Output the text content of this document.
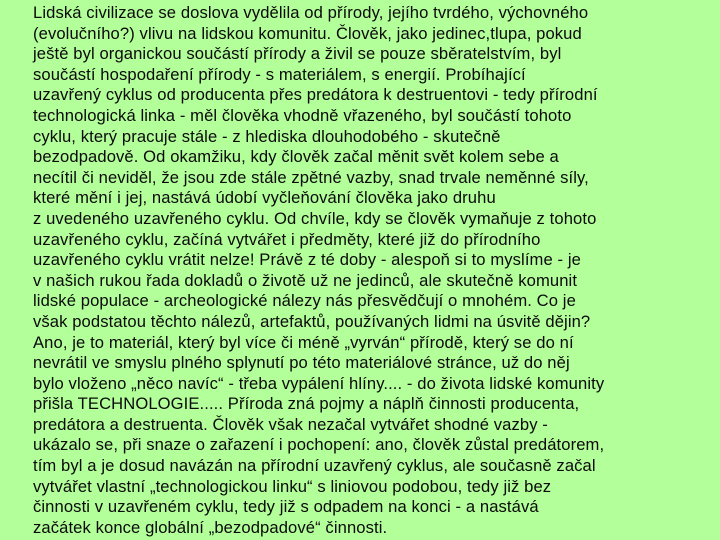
Lidská civilizace se doslova vydělila od přírody, jejího tvrdého, výchovného
(evolučního?) vlivu na lidskou komunitu. Člověk, jako jedinec,tlupa, pokud
ještě byl organickou součástí přírody a živil se pouze sběratelstvím, byl
součástí hospodaření přírody - s materiálem, s energií. Probíhající
uzavřený cyklus od producenta přes predátora k destruentovi - tedy přírodní
technologická linka - měl člověka vhodně vřazeného, byl součástí tohoto
cyklu, který pracuje stále - z hlediska dlouhodobého - skutečně
bezodpadově. Od okamžiku, kdy člověk začal měnit svět kolem sebe a
necítil či neviděl, že jsou zde stále zpětné vazby, snad trvale neměnné síly,
které mění i jej, nastává údobí vyčleňování člověka jako druhu
z uvedeného uzavřeného cyklu. Od chvíle, kdy se člověk vymaňuje z tohoto
uzavřeného cyklu, začíná vytvářet i předměty, které již do přírodního
uzavřeného cyklu vrátit nelze! Právě z té doby - alespoň si to myslíme - je
v našich rukou řada dokladů o životě už ne jedinců, ale skutečně komunit
lidské populace - archeologické nálezy nás přesvědčují o mnohém. Co je
však podstatou těchto nálezů, artefaktů, používaných lidmi na úsvitě dějin?
Ano, je to materiál, který byl více či méně „vyrván“ přírodě, který se do ní
nevrátil ve smyslu plného splynutí po této materiálové stránce, už do něj
bylo vloženo „něco navíc“ - třeba vypálení hlíny.... - do života lidské komunity
přišla TECHNOLOGIE..... Příroda zná pojmy a náplň činnosti producenta,
predátora a destruenta. Člověk však nezačal vytvářet shodné vazby -
ukázalo se, při snaze o zařazení i pochopení: ano, člověk zůstal predátorem,
tím byl a je dosud navázán na přírodní uzavřený cyklus, ale současně začal
vytvářet vlastní „technologickou linku“ s liniovou podobou, tedy již bez
činnosti v uzavřeném cyklu, tedy již s odpadem na konci - a nastává
začátek konce globální „bezodpadové“ činnosti.
